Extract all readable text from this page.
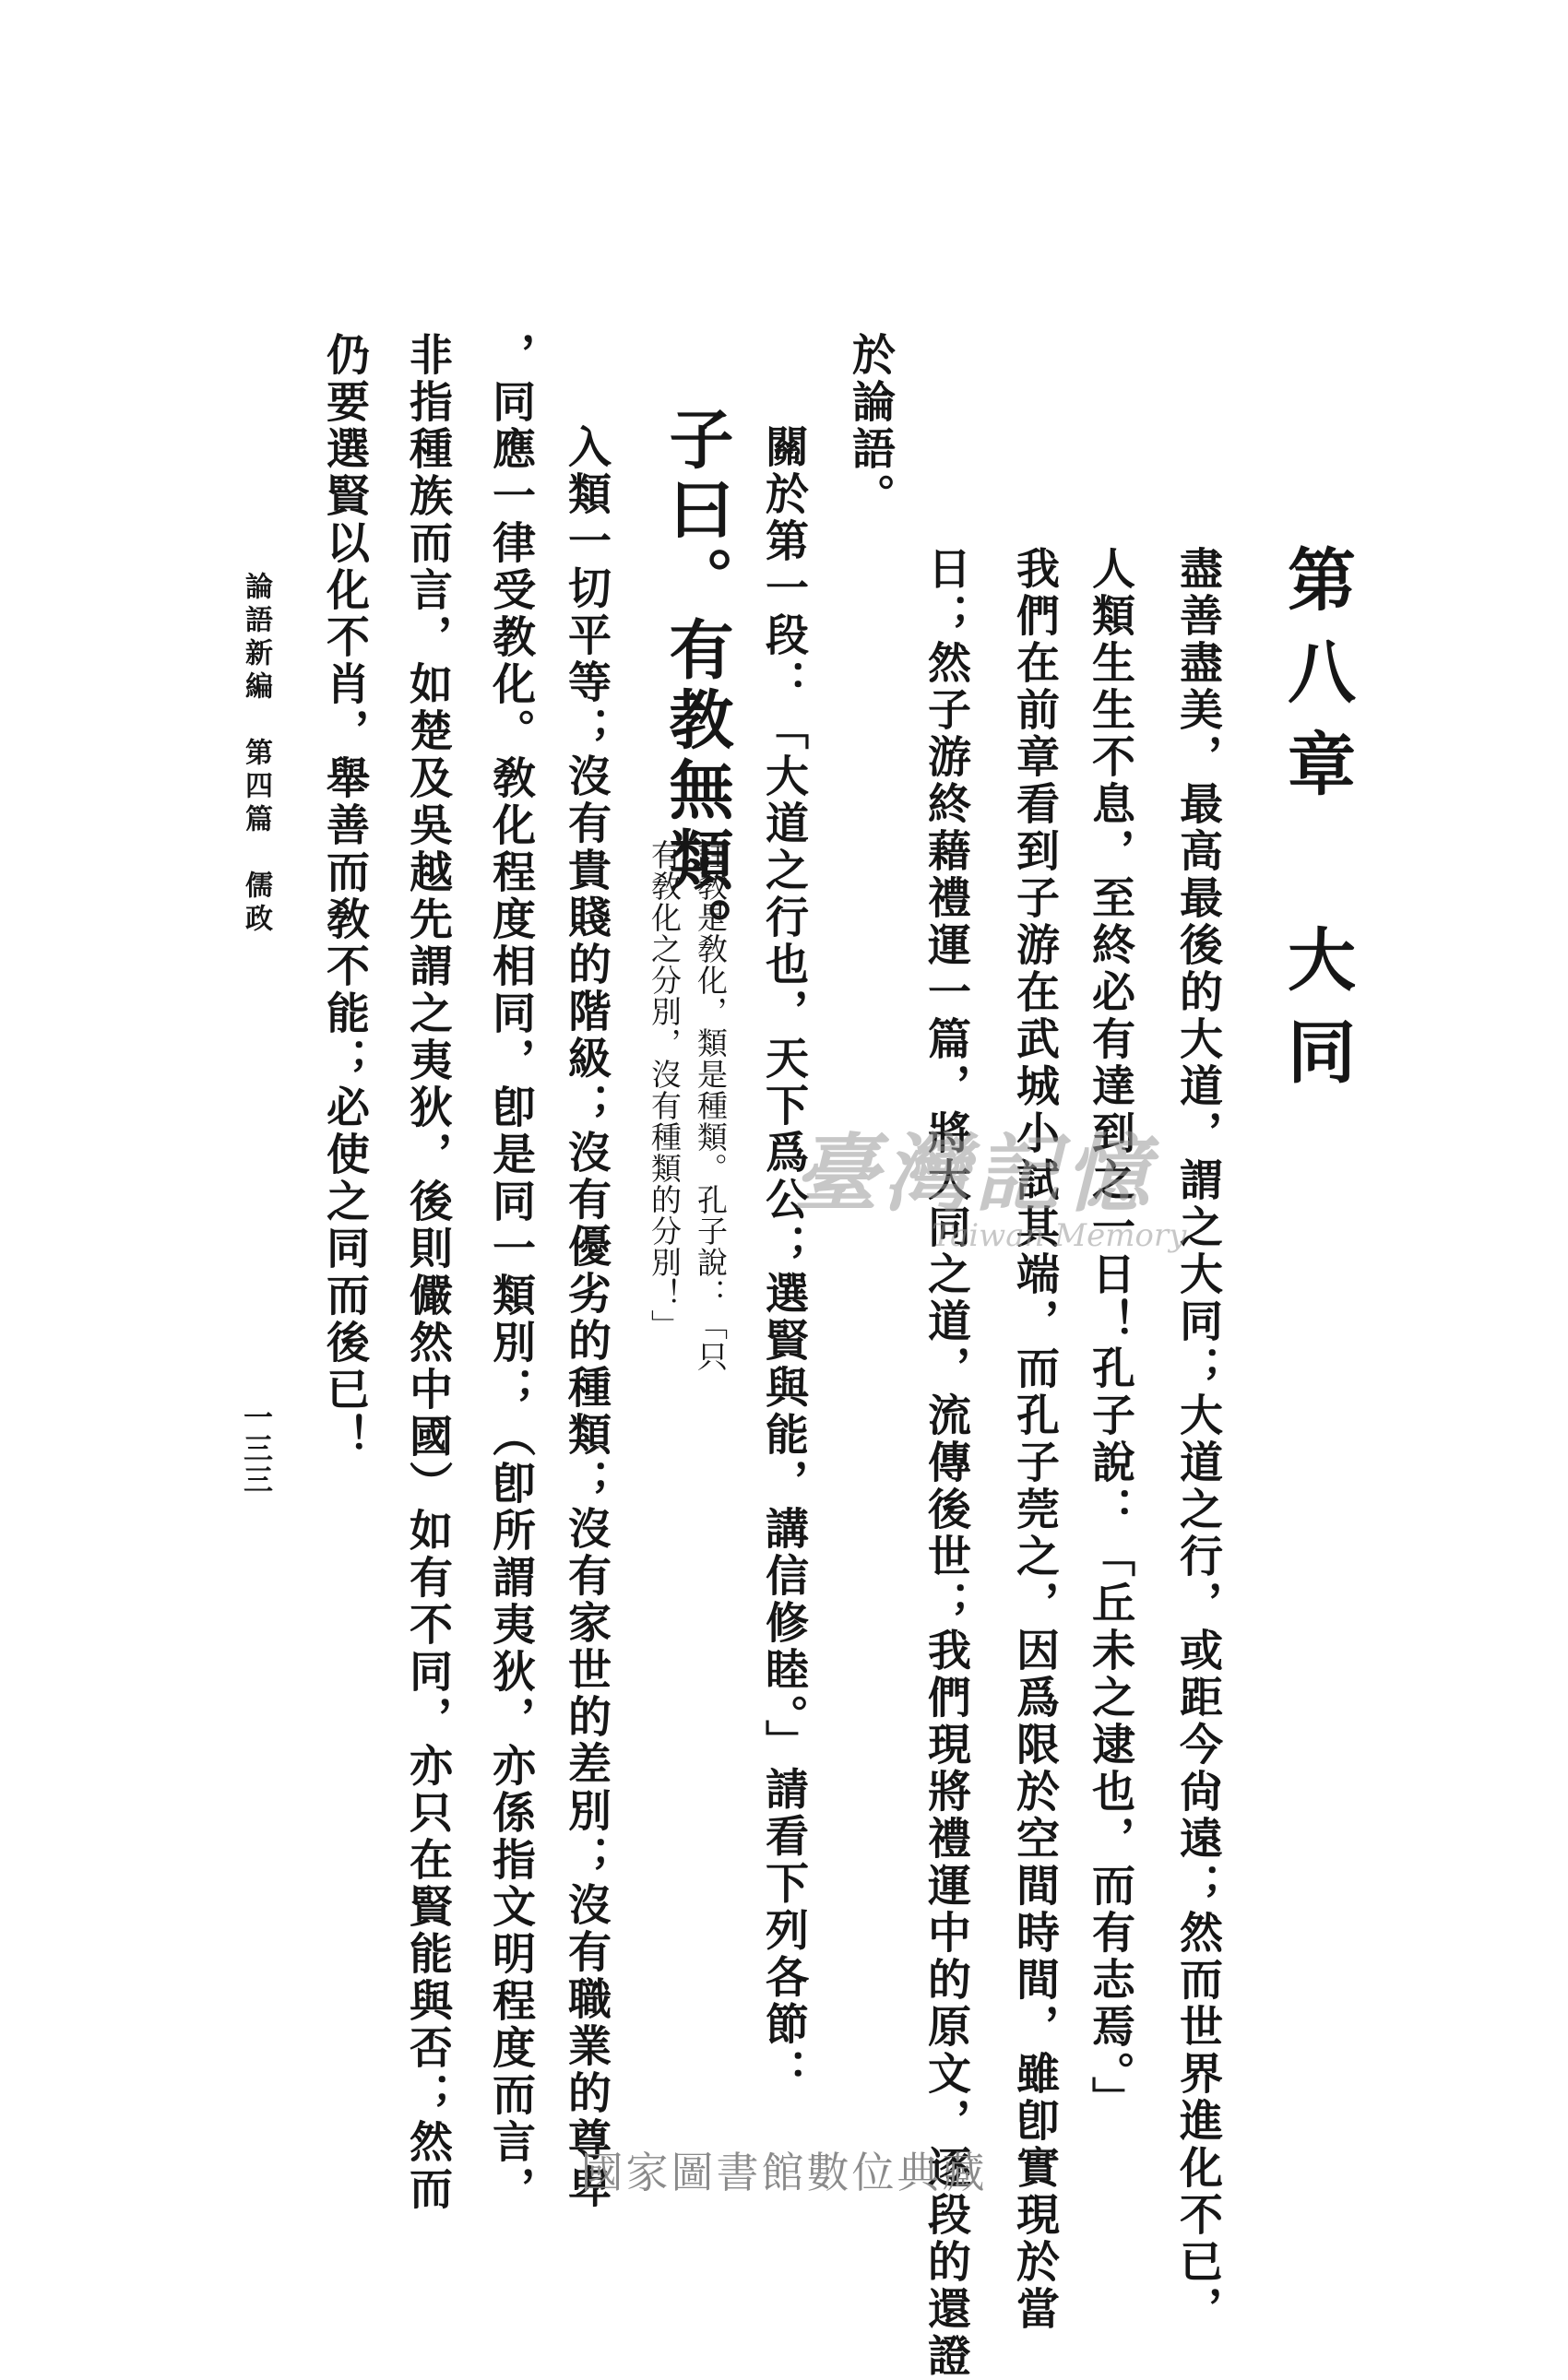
第八章 大同
盡善盡美，最高最後的大道，謂之大同；大道之行，或距今尙遠；然而世界進化不已，
人類生生不息，至終必有達到之一日！孔子說：「丘未之逮也，而有志焉。」
我們在前章看到子游在武城小試其端，而孔子莞之，因爲限於空間時間，雖卽實現於當
日；然子游終藉禮運一篇，將大同之道，流傳後世；我們現將禮運中的原文，逐段的還證
於論語。
關於第一段：「大道之行也，天下爲公；選賢與能，講信修睦。」請看下列各節：
子曰。有教無類。
註敎是敎化，類是種類。孔子說：「只
有敎化之分別，沒有種類的分別！」
入類一切平等；沒有貴賤的階級；沒有優劣的種類；沒有家世的差別；沒有職業的尊卑
，同應一律受教化。敎化程度相同，卽是同一類別；（卽所謂夷狄，亦係指文明程度而言，
非指種族而言，如楚及吳越先謂之夷狄，後則儼然中國）如有不同，亦只在賢能與否；然而
仍要選賢以化不肖，舉善而敎不能；必使之同而後已！
論語新編　第四篇　儒政
一三三
臺灣記憶
Taiwan Memory
國家圖書館數位典藏
